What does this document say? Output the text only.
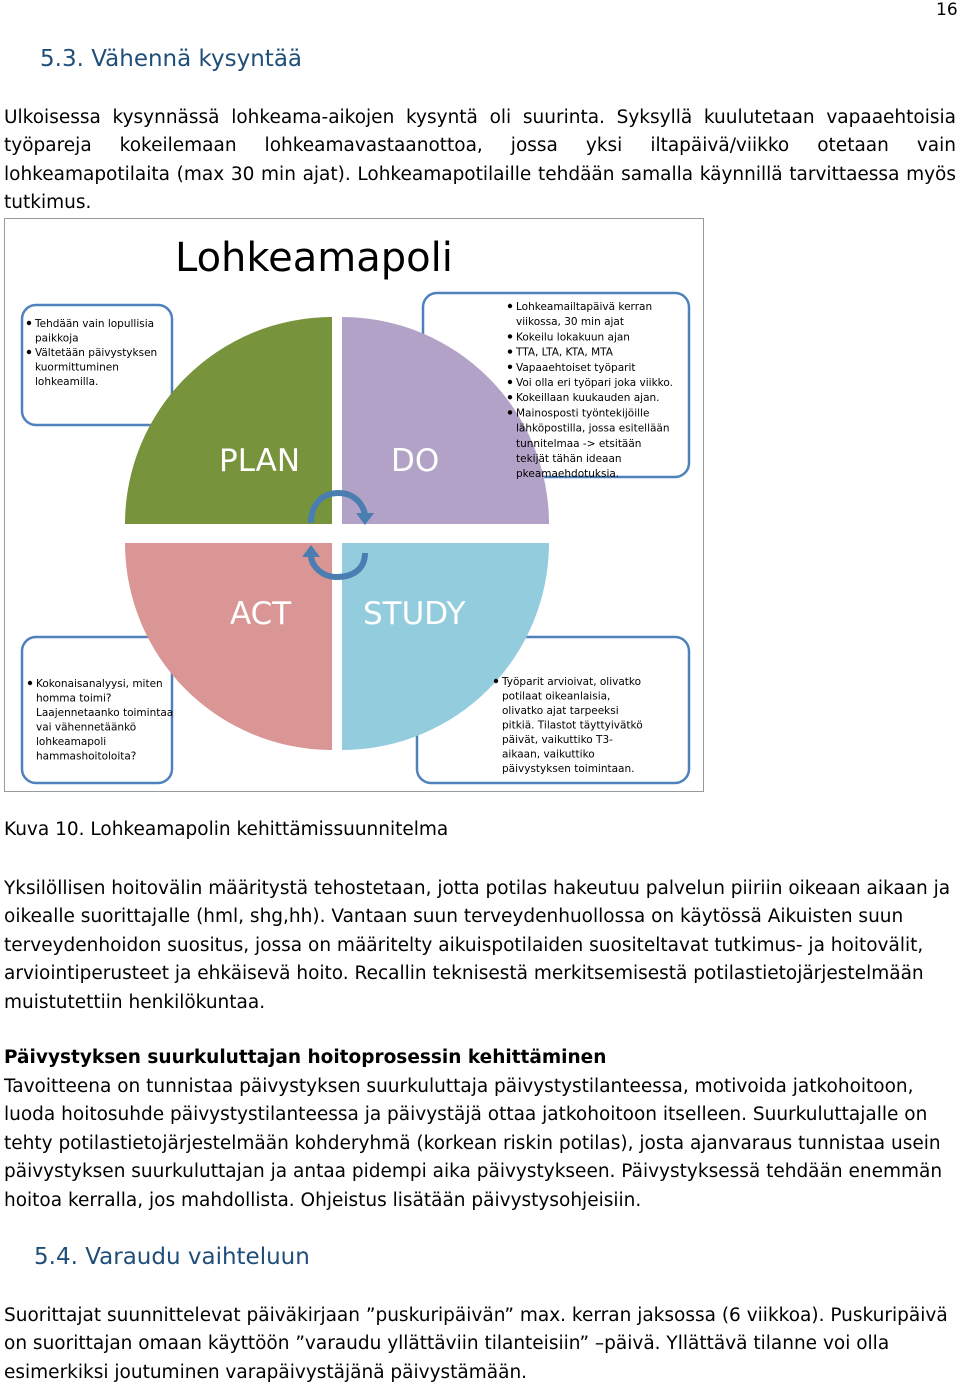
16
5.3. Vähennä kysyntää

Ulkoisessa kysynnässä lohkeama-aikojen kysyntä oli suurinta. Syksyllä kuulutetaan vapaaehtoisia työpareja kokeilemaan lohkeamavastaanottoa, jossa yksi iltapäivä/viikko otetaan vain lohkeamapotilaita (max 30 min ajat). Lohkeamapotilaille tehdään samalla käynnillä tarvittaessa myös tutkimus.

Lohkeamapoli
PLAN	DO
ACT STUDY
Tehdään vain lopullisia
paikkoja
Vältetään päivystyksen
kuormittuminen
lohkeamilla.
Lohkeamailtapäivä kerran
viikossa, 30 min ajat
Kokeilu lokakuun ajan
TTA, LTA, KTA, MTA
Vapaaehtoiset työparit
Voi olla eri työpari joka viikko.
Kokeillaan kuukauden ajan.
Mainosposti työntekijöille
lähköpostilla, jossa esitellään
tunnitelmaa -> etsitään
tekijät tähän ideaan
pkeamaehdotuksia.
Kokonaisanalyysi, miten
homma toimi?
Laajennetaanko toimintaa
vai vähennetäänkö
lohkeamapoli
hammashoitoloita?
Työparit arvioivat, olivatko
potilaat oikeanlaisia,
olivatko ajat tarpeeksi
pitkiä. Tilastot täyttyivätkö
päivät, vaikuttiko T3-
aikaan, vaikuttiko
päivystyksen toimintaan.
Kuva 10. Lohkeamapolin kehittämissuunnitelma

Yksilöllisen hoitovälin määritystä tehostetaan, jotta potilas hakeutuu palvelun piiriin oikeaan aikaan ja oikealle suorittajalle (hml, shg,hh). Vantaan suun terveydenhuollossa on käytössä Aikuisten suun terveydenhoidon suositus, jossa on määritelty aikuispotilaiden suositeltavat tutkimus- ja hoitovälit, arviointiperusteet ja ehkäisevä hoito. Recallin teknisestä merkitsemisestä potilastietojärjestelmään muistutettiin henkilökuntaa.

Päivystyksen suurkuluttajan hoitoprosessin kehittäminen

Tavoitteena on tunnistaa päivystyksen suurkuluttaja päivystystilanteessa, motivoida jatkohoitoon, luoda hoitosuhde päivystystilanteessa ja päivystäjä ottaa jatkohoitoon itselleen. Suurkuluttajalle on tehty potilastietojärjestelmään kohderyhmä (korkean riskin potilas), josta ajanvaraus tunnistaa usein päivystyksen suurkuluttajan ja antaa pidempi aika päivystykseen. Päivystyksessä tehdään enemmän hoitoa kerralla, jos mahdollista. Ohjeistus lisätään päivystysohjeisiin.

5.4. Varaudu vaihteluun

Suorittajat suunnittelevat päiväkirjaan ”puskuripäivän” max. kerran jaksossa (6 viikkoa). Puskuripäivä on suorittajan omaan käyttöön ”varaudu yllättäviin tilanteisiin” –päivä. Yllättävä tilanne voi olla esimerkiksi joutuminen varapäivystäjänä päivystämään.
